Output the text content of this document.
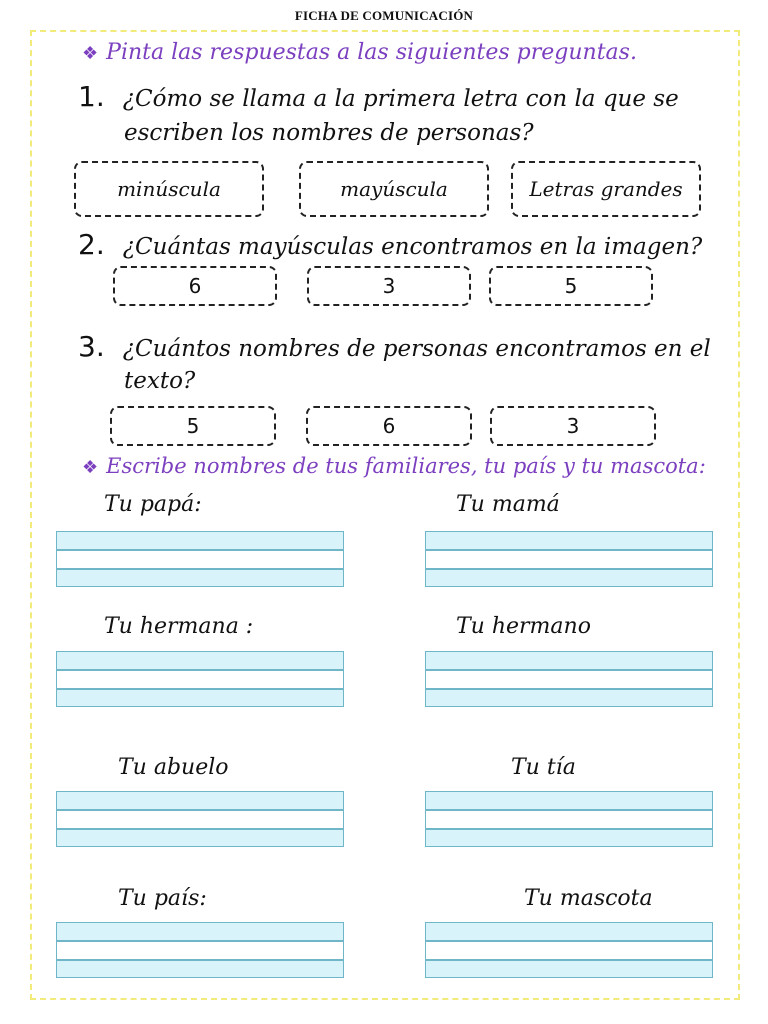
FICHA DE COMUNICACIÓN
❖ Pinta las respuestas a las siguientes preguntas.
1. ¿Cómo se llama a la primera letra con la que se
escriben los nombres de personas?
minúscula	mayúscula	Letras grandes
2. ¿Cuántas mayúsculas encontramos en la imagen?
6	3	5
3. ¿Cuántos nombres de personas encontramos en el
texto?
5	6	3
❖ Escribe nombres de tus familiares, tu país y tu mascota:
Tu papá:	Tu mamá
Tu hermana :	Tu hermano
Tu abuelo	Tu tía
Tu país:	Tu mascota
